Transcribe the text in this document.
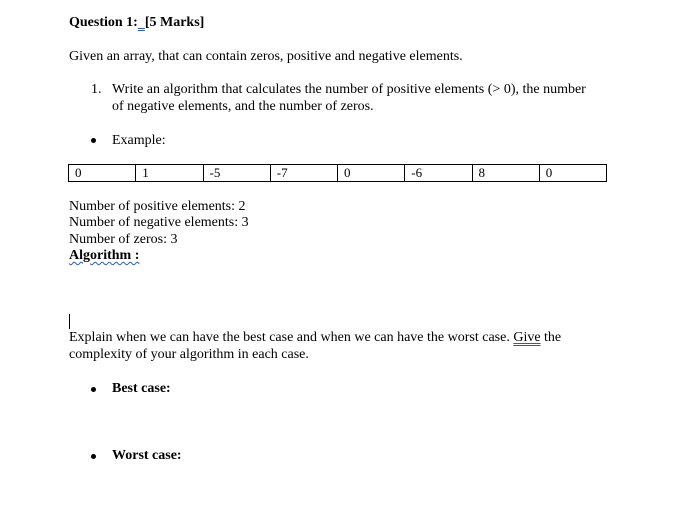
Question 1: [5 Marks]
Given an array, that can contain zeros, positive and negative elements.
1. Write an algorithm that calculates the number of positive elements (> 0), the number
of negative elements, and the number of zeros.
Example:
0	1	-5	-7	0	-6	8	0
Number of positive elements: 2
Number of negative elements: 3
Number of zeros: 3
Algorithm :
Explain when we can have the best case and when we can have the worst case. Give the
complexity of your algorithm in each case.
Best case:
Worst case:
